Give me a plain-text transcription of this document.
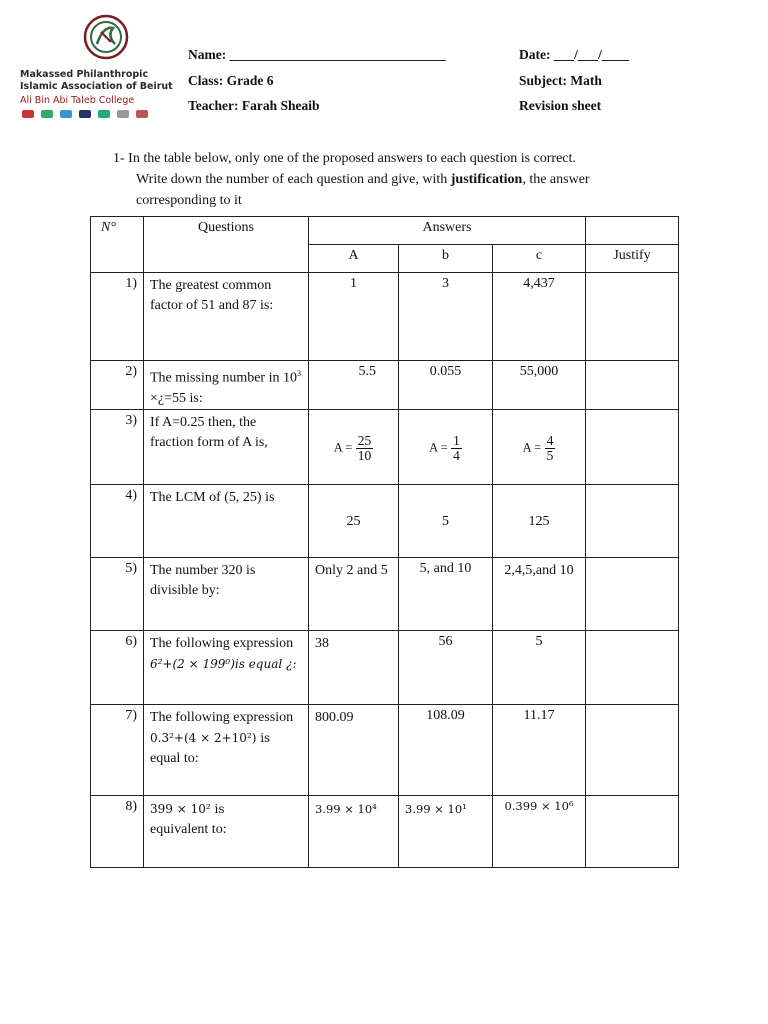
Makassed Philanthropic
Islamic Association of Beirut
Ali Bin Abi Taleb College
Name: ________________________________
Class: Grade 6
Teacher: Farah Sheaib
Date: ___/___/____
Subject: Math
Revision sheet
1- In the table below, only one of the proposed answers to each question is correct.
Write down the number of each question and give, with justification, the answer
corresponding to it
N°	Questions	Answers			
		A	b	c	Justify
1)	The greatest common factor of 51 and 87 is:	1	3	4,437	
2)	The missing number in $10^3$ ×¿=55 is:	5.5	0.055	55,000	
3)	If A=0.25 then, the fraction form of A is,	$A = \frac{25}{10}$	$A = \frac{1}{4}$	$A = \frac{4}{5}$

4)	The LCM of (5, 25) is	25	5	125	
5)	The number 320 is divisible by:	Only 2 and 5	5, and 10	2,4,5,and 10	
6)	The following expression
6²+(2 × 199⁰)is equal ¿:	38	56	5	
7)	The following expression
0.3²+(4 × 2+10²) is
equal to:	800.09	108.09	11.17	
8)	399 × 10² is
equivalent to:	3.99 × 10⁴	3.99 × 10¹	0.399 × 10⁶	
